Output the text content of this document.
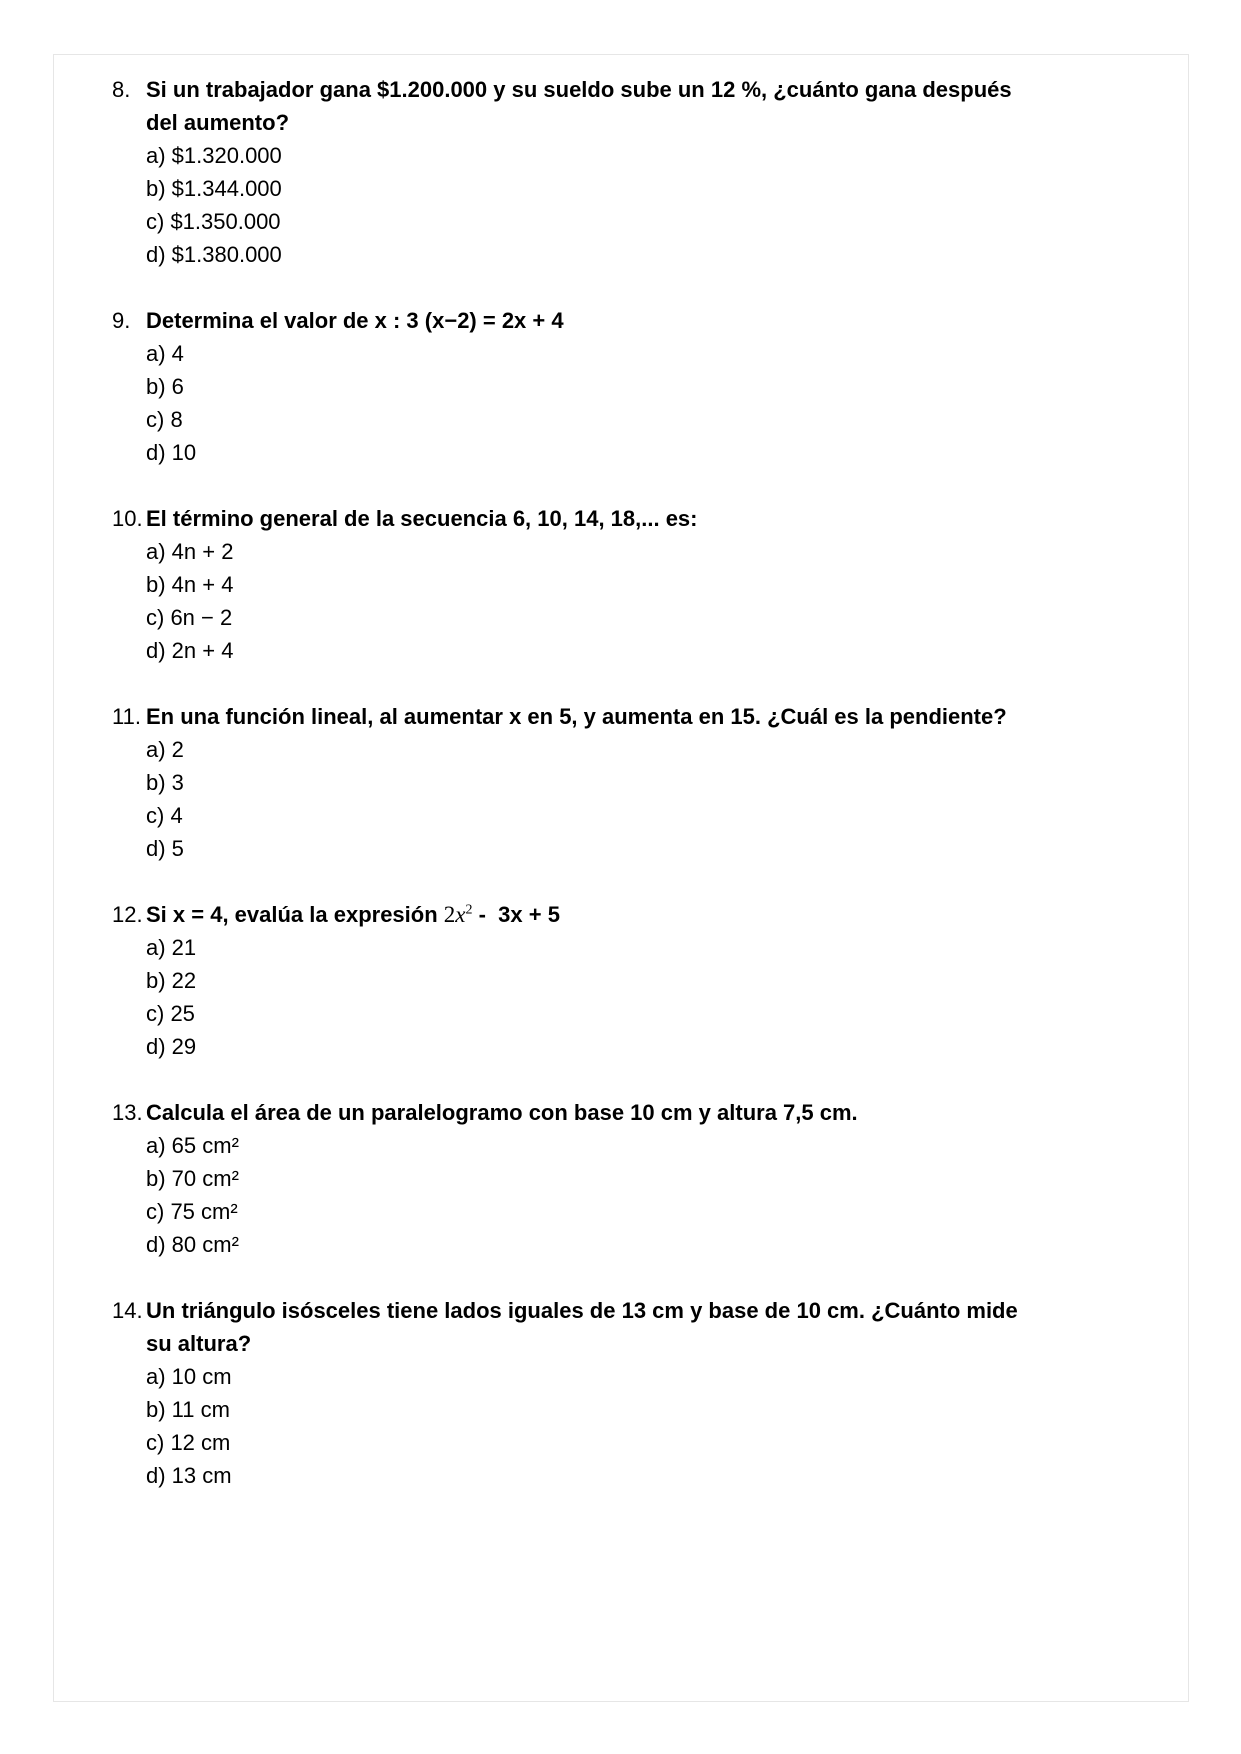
8. Si un trabajador gana $1.200.000 y su sueldo sube un 12 %, ¿cuánto gana después
del aumento?
a) $1.320.000
b) $1.344.000
c) $1.350.000
d) $1.380.000
9. Determina el valor de x : 3 (x−2) = 2x + 4
a) 4
b) 6
c) 8
d) 10
10. El término general de la secuencia 6, 10, 14, 18,... es:
a) 4n + 2
b) 4n + 4
c) 6n − 2
d) 2n + 4
11. En una función lineal, al aumentar x en 5, y aumenta en 15. ¿Cuál es la pendiente?
a) 2
b) 3
c) 4
d) 5
12. Si x = 4, evalúa la expresión $2x^2 - 3x + 5$
a) 21
b) 22
c) 25
d) 29
13. Calcula el área de un paralelogramo con base 10 cm y altura 7,5 cm.
a) 65 cm²
b) 70 cm²
c) 75 cm²
d) 80 cm²
14. Un triángulo isósceles tiene lados iguales de 13 cm y base de 10 cm. ¿Cuánto mide
su altura?
a) 10 cm
b) 11 cm
c) 12 cm
d) 13 cm
